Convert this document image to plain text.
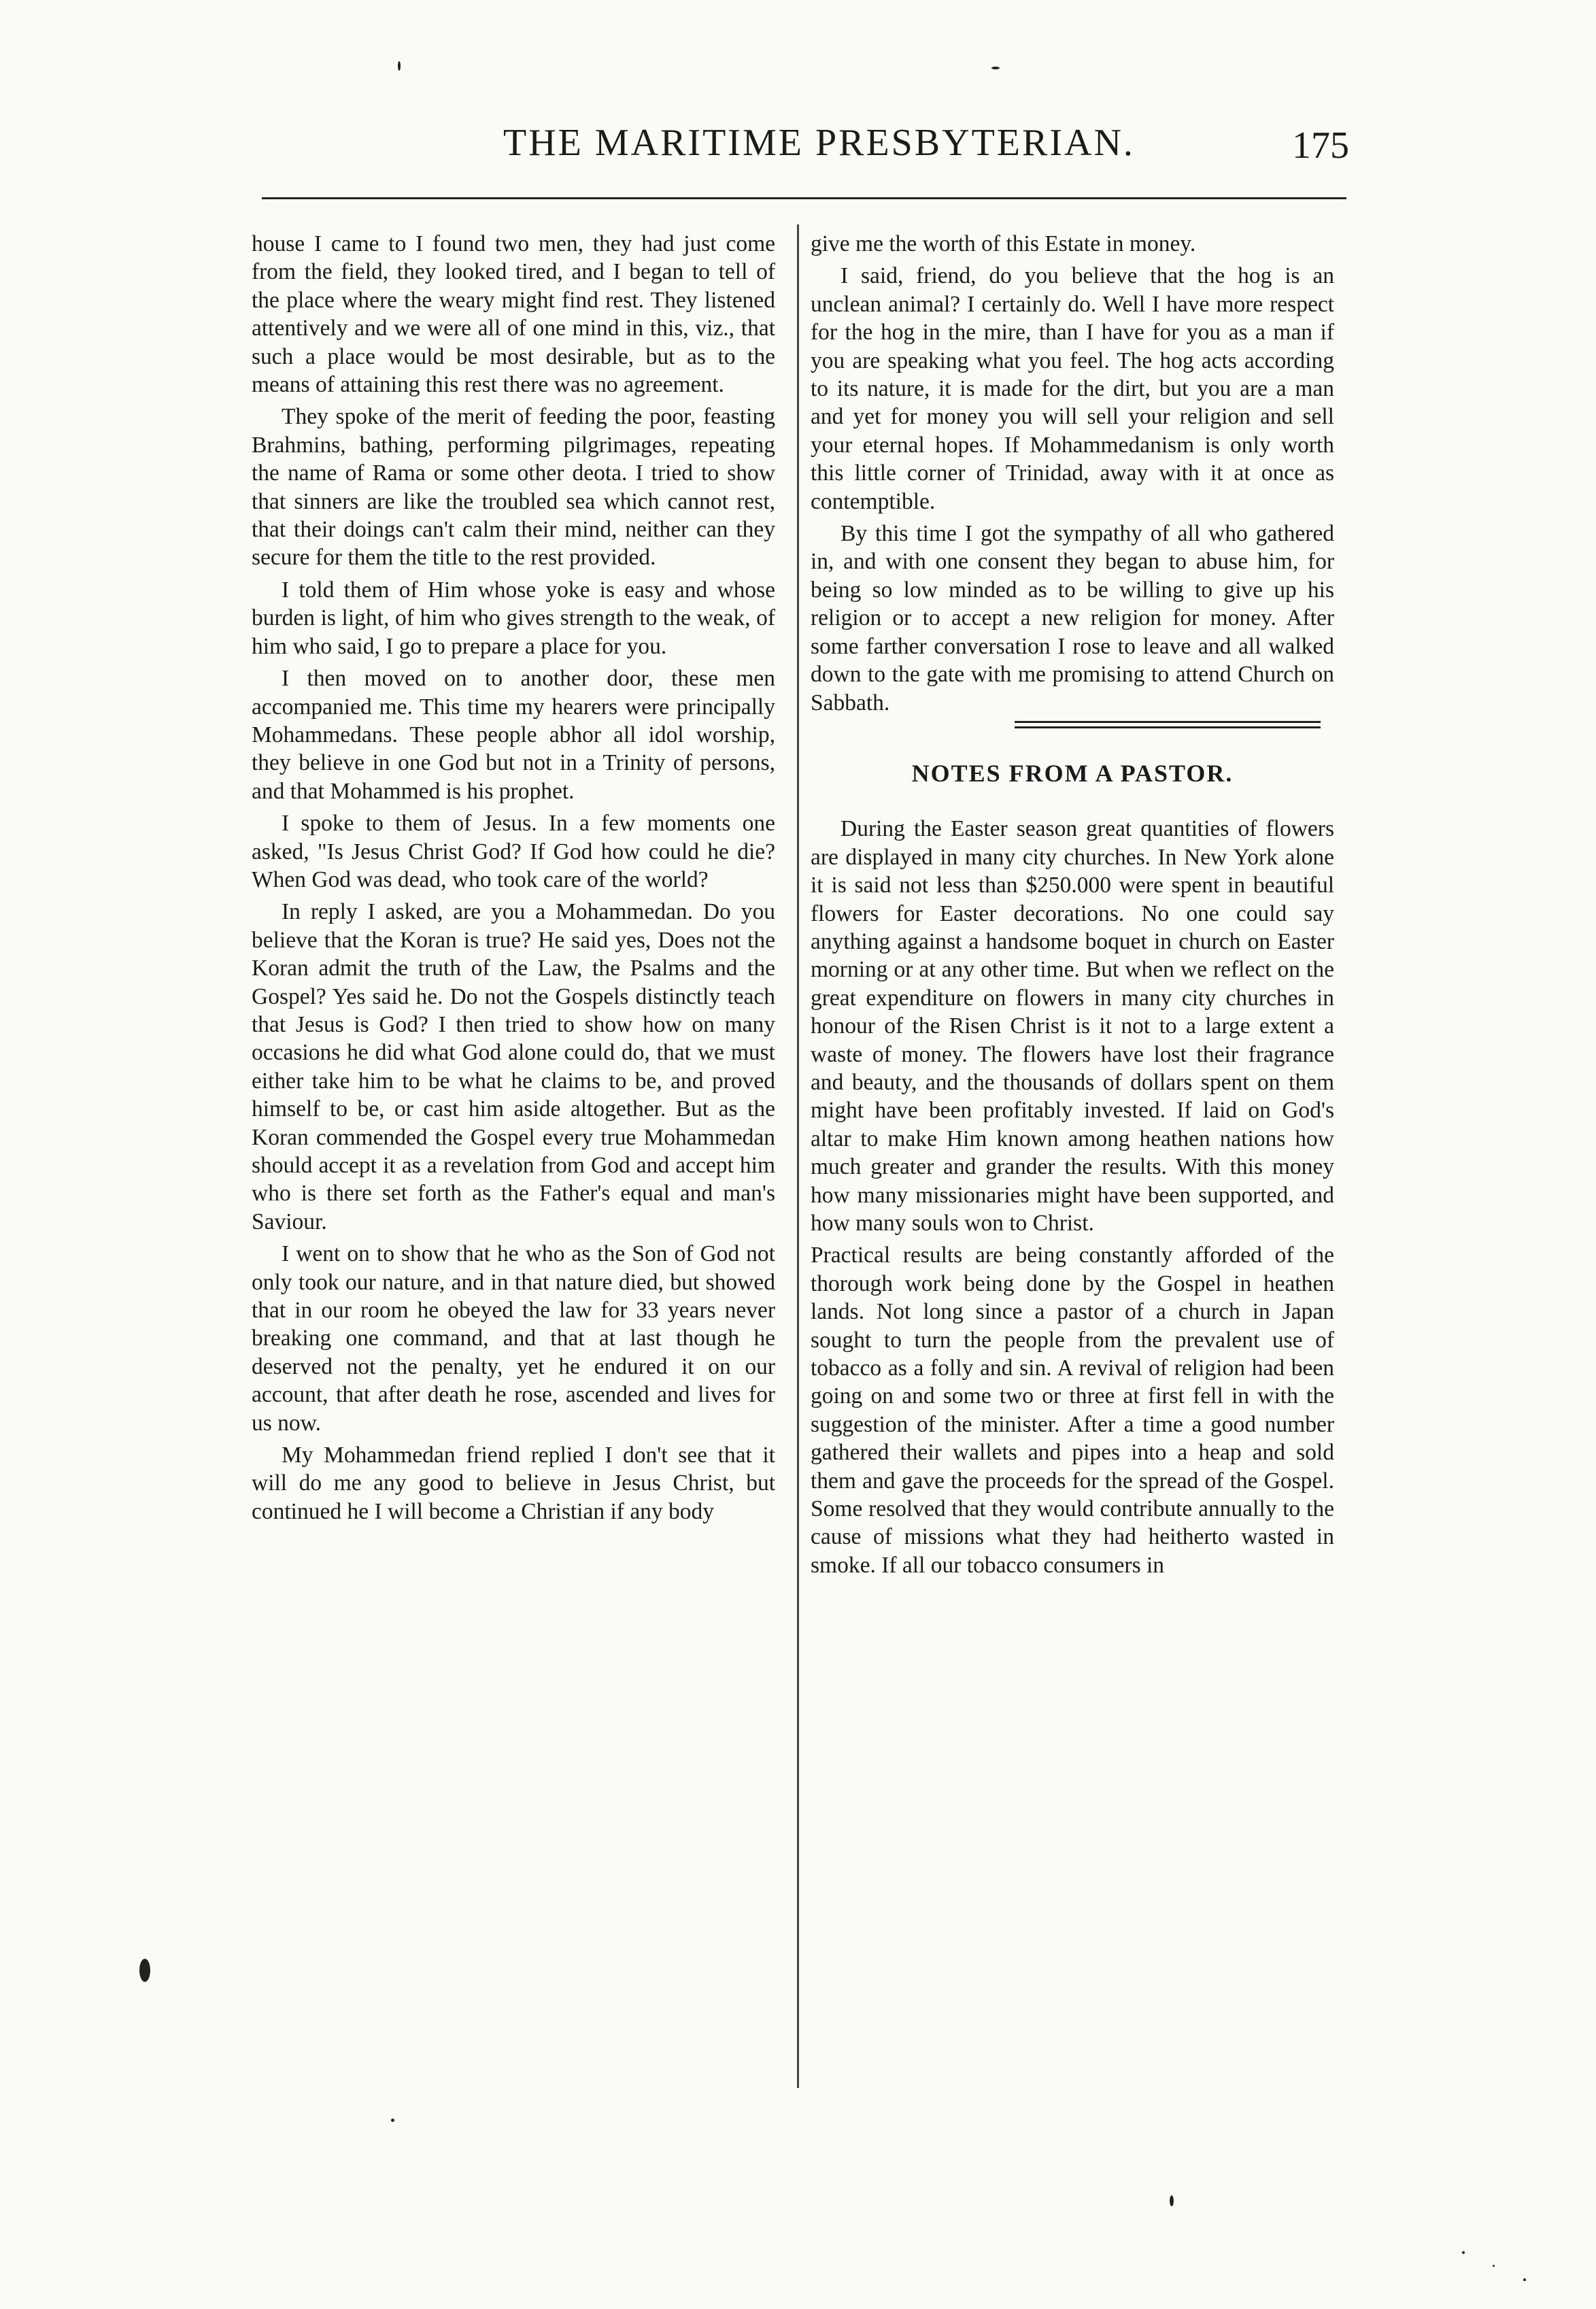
THE MARITIME PRESBYTERIAN.	175

house I came to I found two men, they had just come from the field, they looked tired, and I began to tell of the place where the weary might find rest. They listened attentively and we were all of one mind in this, viz., that such a place would be most desirable, but as to the means of attaining this rest there was no agreement.

They spoke of the merit of feeding the poor, feasting Brahmins, bathing, performing pilgrimages, repeating the name of Rama or some other deota. I tried to show that sinners are like the troubled sea which cannot rest, that their doings can't calm their mind, neither can they secure for them the title to the rest provided.

I told them of Him whose yoke is easy and whose burden is light, of him who gives strength to the weak, of him who said, I go to prepare a place for you.

I then moved on to another door, these men accompanied me. This time my hearers were principally Mohammedans. These people abhor all idol worship, they believe in one God but not in a Trinity of persons, and that Mohammed is his prophet.

I spoke to them of Jesus. In a few moments one asked, "Is Jesus Christ God? If God how could he die? When God was dead, who took care of the world?

In reply I asked, are you a Mohammedan. Do you believe that the Koran is true? He said yes, Does not the Koran admit the truth of the Law, the Psalms and the Gospel? Yes said he. Do not the Gospels distinctly teach that Jesus is God? I then tried to show how on many occasions he did what God alone could do, that we must either take him to be what he claims to be, and proved himself to be, or cast him aside altogether. But as the Koran commended the Gospel every true Mohammedan should accept it as a revelation from God and accept him who is there set forth as the Father's equal and man's Saviour.

I went on to show that he who as the Son of God not only took our nature, and in that nature died, but showed that in our room he obeyed the law for 33 years never breaking one command, and that at last though he deserved not the penalty, yet he endured it on our account, that after death he rose, ascended and lives for us now.

My Mohammedan friend replied I don't see that it will do me any good to believe in Jesus Christ, but continued he I will become a Christian if any body

give me the worth of this Estate in money.

I said, friend, do you believe that the hog is an unclean animal? I certainly do. Well I have more respect for the hog in the mire, than I have for you as a man if you are speaking what you feel. The hog acts according to its nature, it is made for the dirt, but you are a man and yet for money you will sell your religion and sell your eternal hopes. If Mohammedanism is only worth this little corner of Trinidad, away with it at once as contemptible.

By this time I got the sympathy of all who gathered in, and with one consent they began to abuse him, for being so low minded as to be willing to give up his religion or to accept a new religion for money. After some farther conversation I rose to leave and all walked down to the gate with me promising to attend Church on Sabbath.

NOTES FROM A PASTOR.

During the Easter season great quantities of flowers are displayed in many city churches. In New York alone it is said not less than $250.000 were spent in beautiful flowers for Easter decorations. No one could say anything against a handsome boquet in church on Easter morning or at any other time. But when we reflect on the great expenditure on flowers in many city churches in honour of the Risen Christ is it not to a large extent a waste of money. The flowers have lost their fragrance and beauty, and the thousands of dollars spent on them might have been profitably invested. If laid on God's altar to make Him known among heathen nations how much greater and grander the results. With this money how many missionaries might have been supported, and how many souls won to Christ.

Practical results are being constantly afforded of the thorough work being done by the Gospel in heathen lands. Not long since a pastor of a church in Japan sought to turn the people from the prevalent use of tobacco as a folly and sin. A revival of religion had been going on and some two or three at first fell in with the suggestion of the minister. After a time a good number gathered their wallets and pipes into a heap and sold them and gave the proceeds for the spread of the Gospel. Some resolved that they would contribute annually to the cause of missions what they had heitherto wasted in smoke. If all our tobacco consumers in
